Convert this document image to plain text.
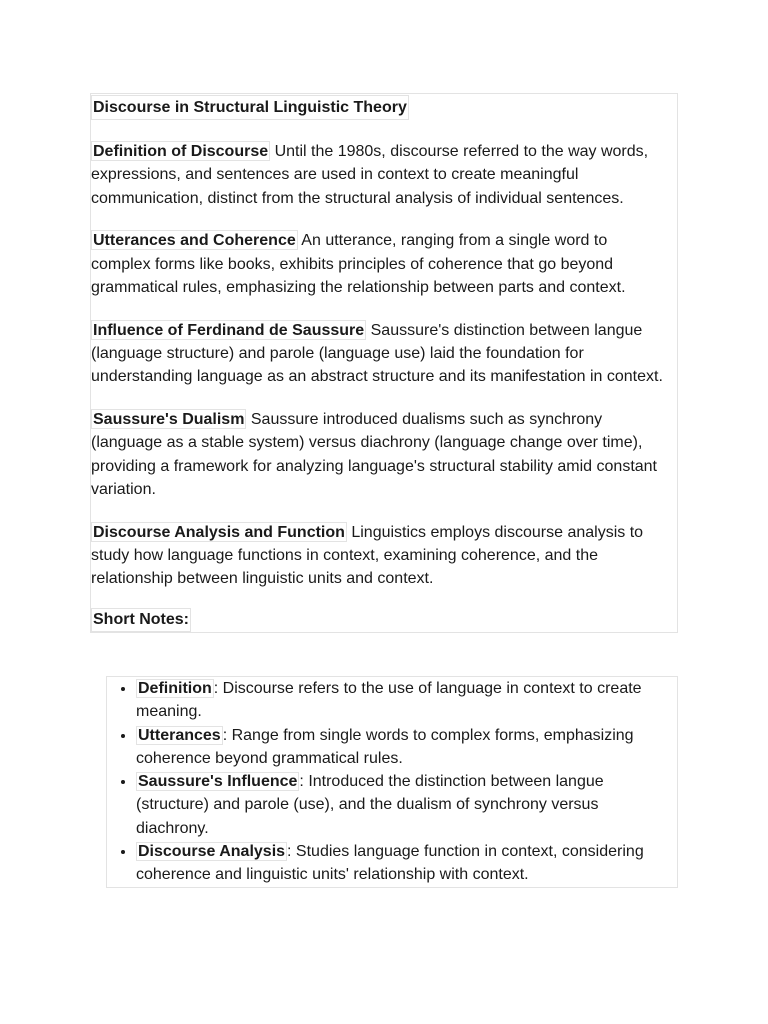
Discourse in Structural Linguistic Theory

Definition of Discourse Until the 1980s, discourse referred to the way words, expressions, and sentences are used in context to create meaningful communication, distinct from the structural analysis of individual sentences.

Utterances and Coherence An utterance, ranging from a single word to complex forms like books, exhibits principles of coherence that go beyond grammatical rules, emphasizing the relationship between parts and context.

Influence of Ferdinand de Saussure Saussure's distinction between langue (language structure) and parole (language use) laid the foundation for understanding language as an abstract structure and its manifestation in context.

Saussure's Dualism Saussure introduced dualisms such as synchrony (language as a stable system) versus diachrony (language change over time), providing a framework for analyzing language's structural stability amid constant variation.

Discourse Analysis and Function Linguistics employs discourse analysis to study how language functions in context, examining coherence, and the relationship between linguistic units and context.

Short Notes:
• Definition : Discourse refers to the use of language in context to create meaning.
• Utterances : Range from single words to complex forms, emphasizing coherence beyond grammatical rules.
• Saussure's Influence : Introduced the distinction between langue (structure) and parole (use), and the dualism of synchrony versus diachrony.
• Discourse Analysis : Studies language function in context, considering coherence and linguistic units' relationship with context.
